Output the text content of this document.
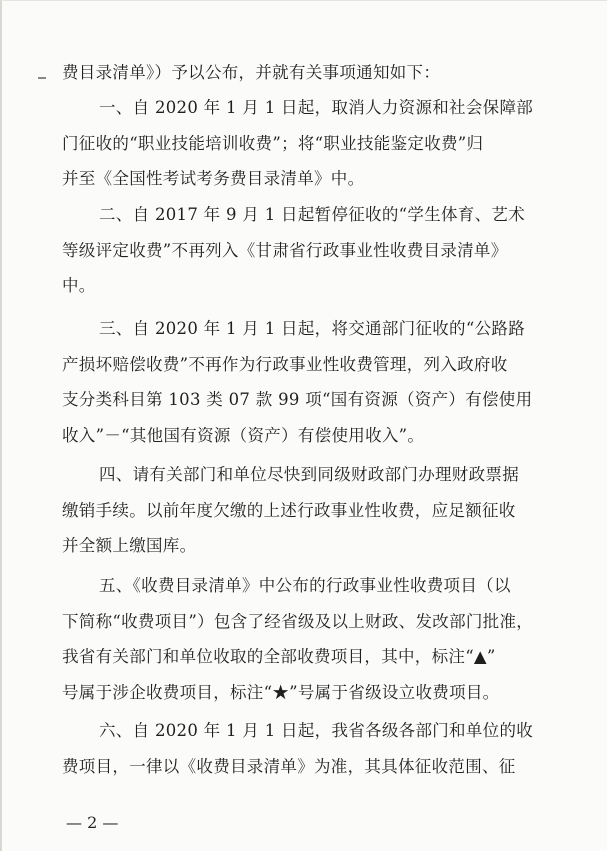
费目录清单》）予以公布，并就有关事项通知如下：
一、自 2020 年 1 月 1 日起，取消人力资源和社会保障部
门征收的“职业技能培训收费”；将“职业技能鉴定收费”归
并至《全国性考试考务费目录清单》中。
二、自 2017 年 9 月 1 日起暂停征收的“学生体育、艺术
等级评定收费”不再列入《甘肃省行政事业性收费目录清单》
中。
三、自 2020 年 1 月 1 日起，将交通部门征收的“公路路
产损坏赔偿收费”不再作为行政事业性收费管理，列入政府收
支分类科目第 103 类 07 款 99 项“国有资源（资产）有偿使用
收入”－“其他国有资源（资产）有偿使用收入”。
四、请有关部门和单位尽快到同级财政部门办理财政票据
缴销手续。以前年度欠缴的上述行政事业性收费，应足额征收
并全额上缴国库。
五、《收费目录清单》中公布的行政事业性收费项目（以
下简称“收费项目”）包含了经省级及以上财政、发改部门批准，
我省有关部门和单位收取的全部收费项目，其中，标注“▲”
号属于涉企收费项目，标注“★”号属于省级设立收费项目。
六、自 2020 年 1 月 1 日起，我省各级各部门和单位的收
费项目，一律以《收费目录清单》为准，其具体征收范围、征
— 2 —
